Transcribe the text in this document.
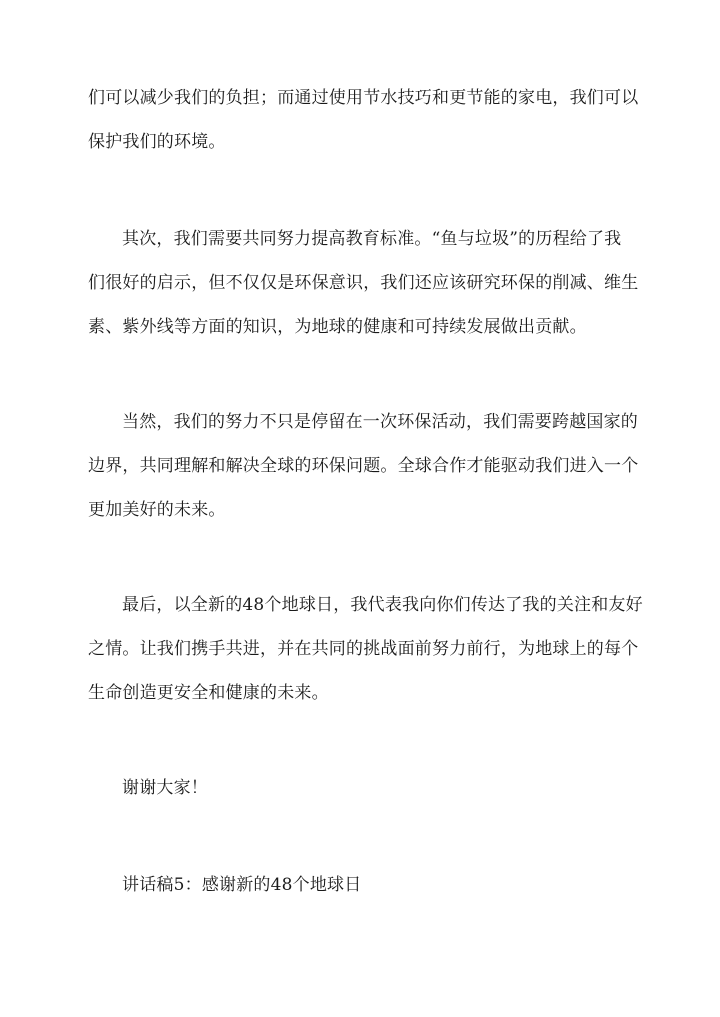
们可以减少我们的负担；而通过使用节水技巧和更节能的家电，我们可以
保护我们的环境。
其次，我们需要共同努力提高教育标准。“鱼与垃圾”的历程给了我
们很好的启示，但不仅仅是环保意识，我们还应该研究环保的削减、维生
素、紫外线等方面的知识，为地球的健康和可持续发展做出贡献。
当然，我们的努力不只是停留在一次环保活动，我们需要跨越国家的
边界，共同理解和解决全球的环保问题。全球合作才能驱动我们进入一个
更加美好的未来。
最后，以全新的48个地球日，我代表我向你们传达了我的关注和友好
之情。让我们携手共进，并在共同的挑战面前努力前行，为地球上的每个
生命创造更安全和健康的未来。
谢谢大家！
讲话稿5：感谢新的48个地球日
